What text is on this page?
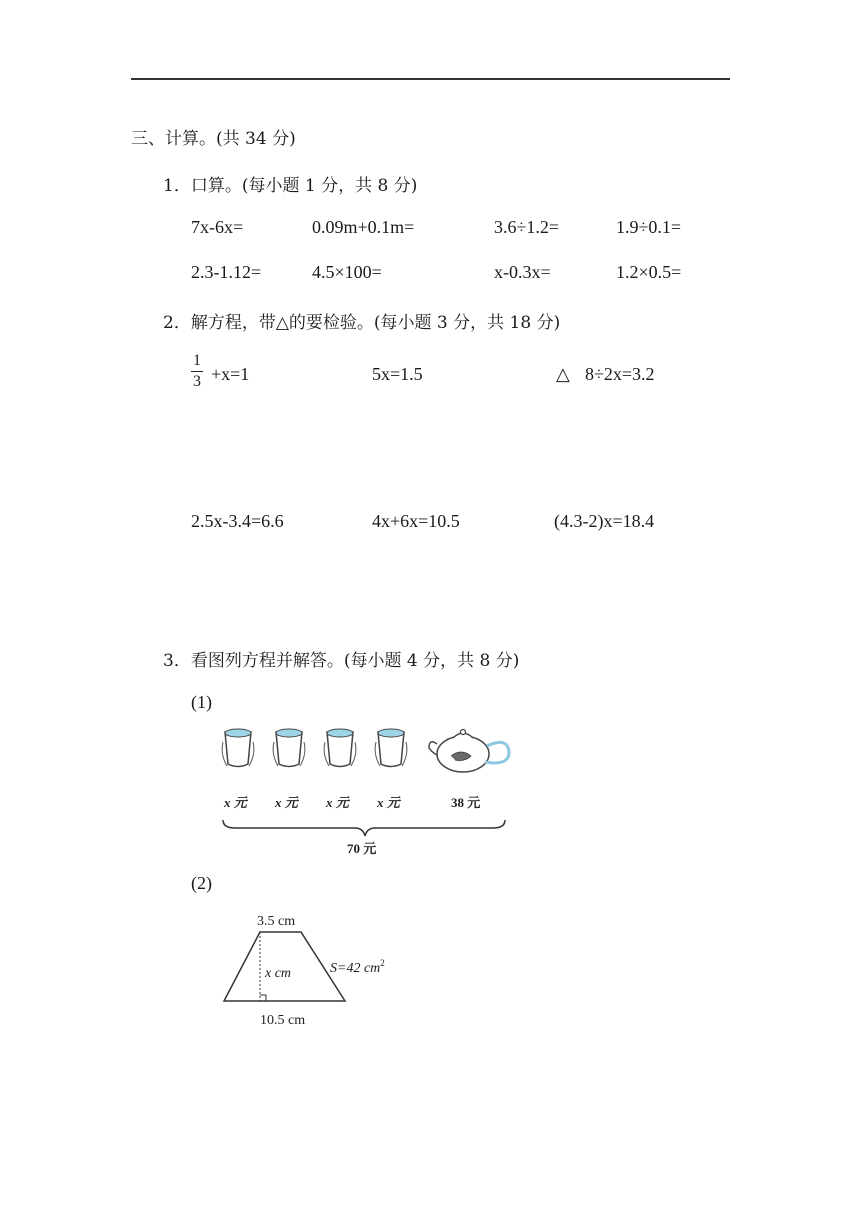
三、计算。(共 34 分)
1．口算。(每小题 1 分，共 8 分)
7x-6x=	0.09m+0.1m=	3.6÷1.2=	1.9÷0.1=
2.3-1.12=	4.5×100=	x-0.3x=	1.2×0.5=
2．解方程，带△的要检验。(每小题 3 分，共 18 分)
1
3 +x=1	5x=1.5	△ 8÷2x=3.2
2.5x-3.4=6.6	4x+6x=10.5	(4.3-2)x=18.4
3．看图列方程并解答。(每小题 4 分，共 8 分)
(1)
x 元 x 元 x 元 x 元	38 元
70 元
(2)
3.5 cm
x cm	S=42 $cm^2$
10.5 cm
